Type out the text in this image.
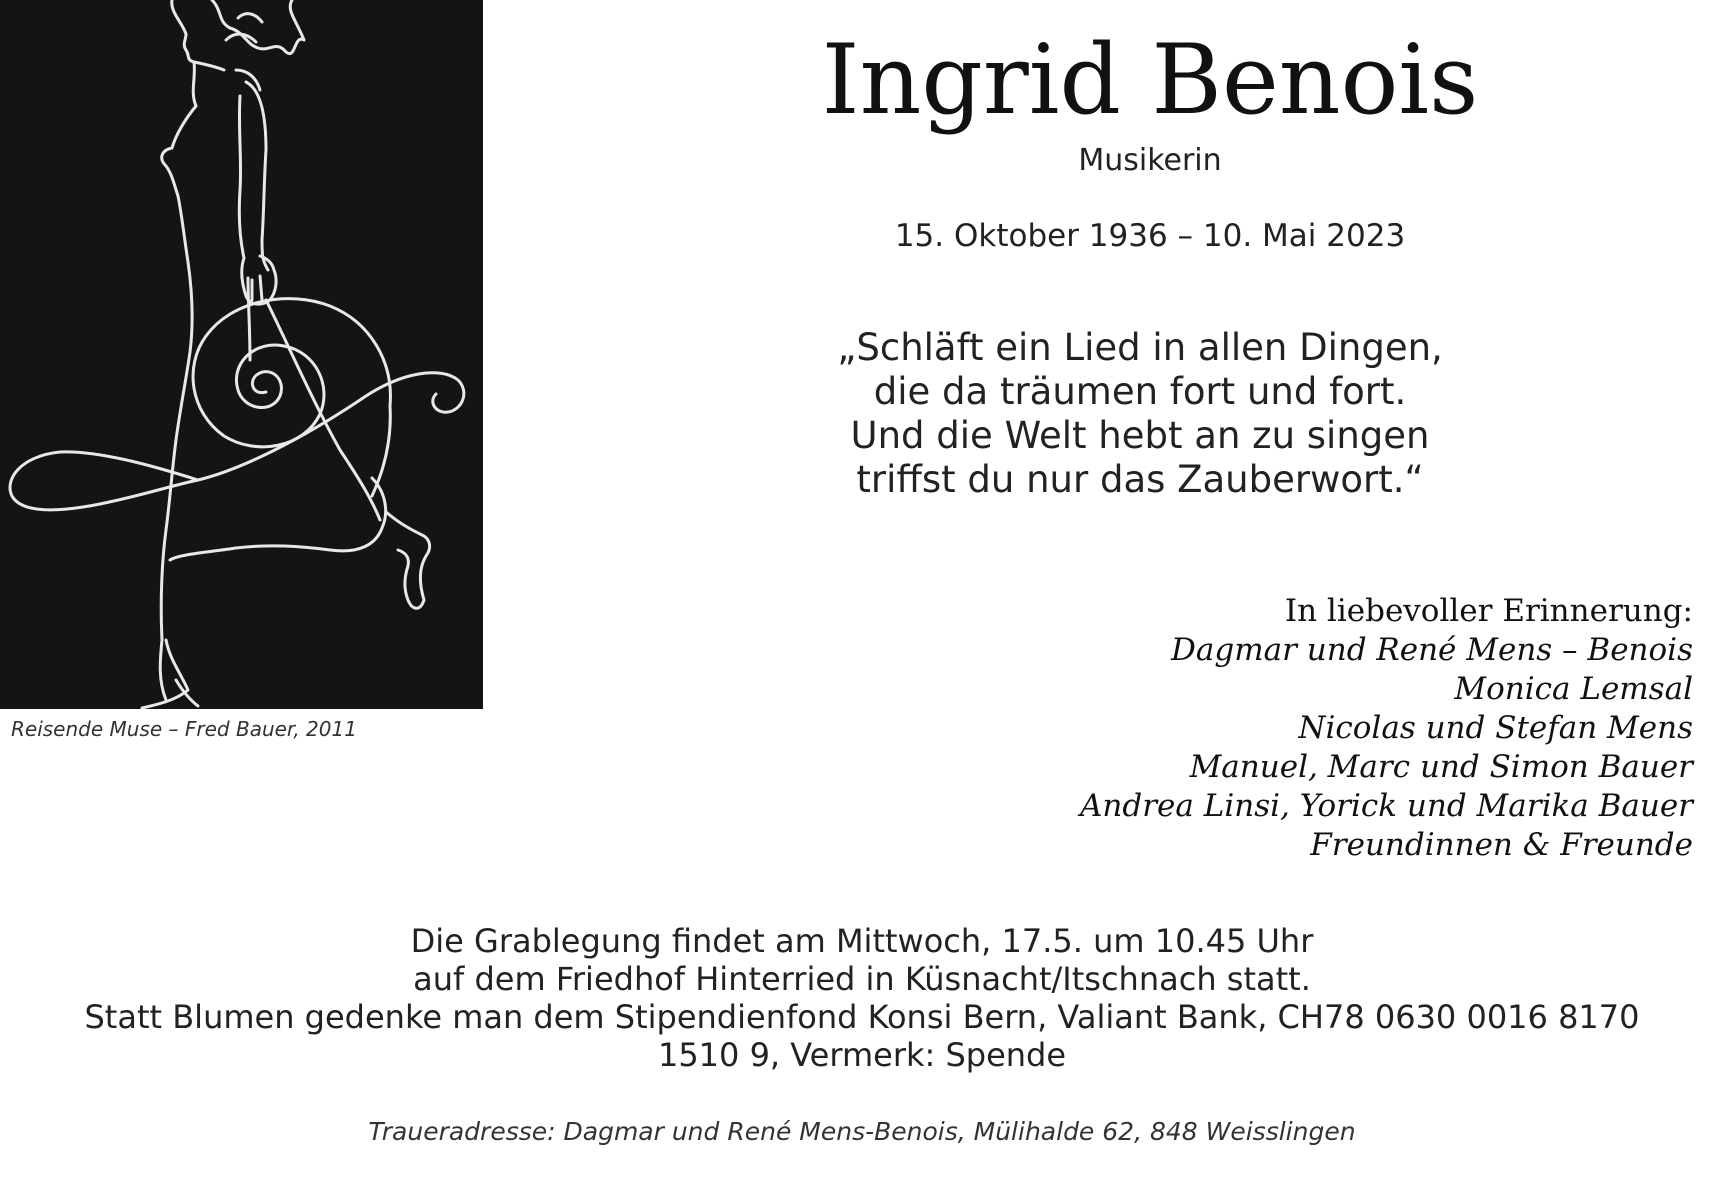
Reisende Muse – Fred Bauer, 2011
Ingrid Benois
Musikerin
15. Oktober 1936 – 10. Mai 2023
„Schläft ein Lied in allen Dingen,
die da träumen fort und fort.
Und die Welt hebt an zu singen
triffst du nur das Zauberwort.“
In liebevoller Erinnerung:
Dagmar und René Mens – Benois
Monica Lemsal
Nicolas und Stefan Mens
Manuel, Marc und Simon Bauer
Andrea Linsi, Yorick und Marika Bauer
Freundinnen & Freunde
Die Grablegung findet am Mittwoch, 17.5. um 10.45 Uhr
auf dem Friedhof Hinterried in Küsnacht/Itschnach statt.
Statt Blumen gedenke man dem Stipendienfond Konsi Bern, Valiant Bank, CH78 0630 0016 8170
1510 9, Vermerk: Spende
Traueradresse: Dagmar und René Mens-Benois, Mülihalde 62, 848 Weisslingen
